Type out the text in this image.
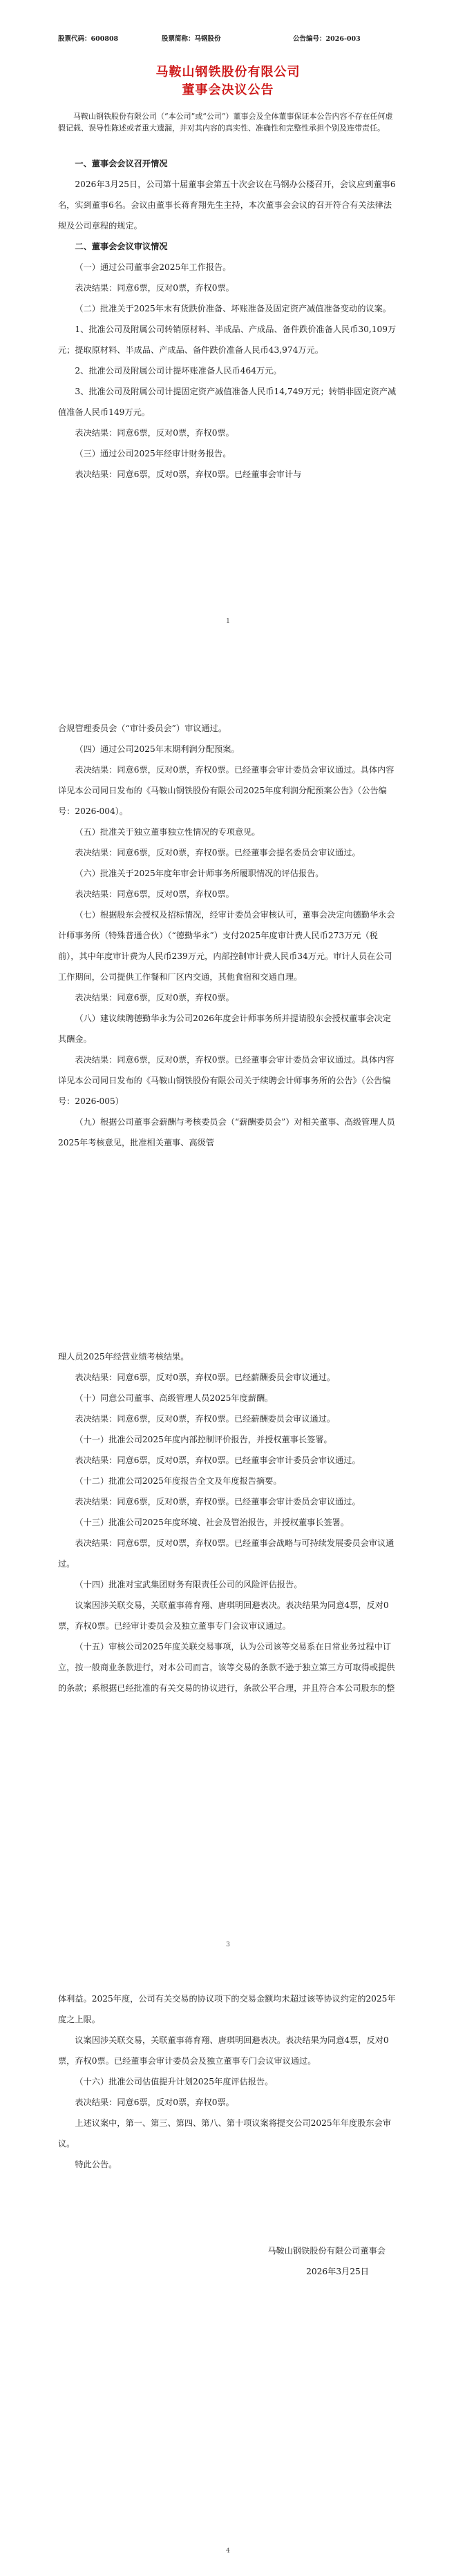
股票代码：600808	股票简称：马钢股份	公告编号：2026-003
马鞍山钢铁股份有限公司
董事会决议公告

马鞍山钢铁股份有限公司（“本公司”或“公司”）董事会及全体董事保证本公告内容不存在任何虚假记载、误导性陈述或者重大遗漏，并对其内容的真实性、准确性和完整性承担个别及连带责任。

一、董事会会议召开情况

2026年3月25日，公司第十届董事会第五十次会议在马钢办公楼召开，会议应到董事6名，实到董事6名。会议由董事长蒋育翔先生主持，本次董事会会议的召开符合有关法律法规及公司章程的规定。

二、董事会会议审议情况

（一）通过公司董事会2025年工作报告。

表决结果：同意6票，反对0票，弃权0票。

（二）批准关于2025年末有货跌价准备、坏账准备及固定资产减值准备变动的议案。

1、批准公司及附属公司转销原材料、半成品、产成品、备件跌价准备人民币30,109万元；提取原材料、半成品、产成品、备件跌价准备人民币43,974万元。

2、批准公司及附属公司计提坏账准备人民币464万元。

3、批准公司及附属公司计提固定资产减值准备人民币14,749万元；转销非固定资产减值准备人民币149万元。

表决结果：同意6票，反对0票，弃权0票。

（三）通过公司2025年经审计财务报告。

表决结果：同意6票，反对0票，弃权0票。已经董事会审计与

1

合规管理委员会（“审计委员会”）审议通过。

（四）通过公司2025年末期利润分配预案。

表决结果：同意6票，反对0票，弃权0票。已经董事会审计委员会审议通过。具体内容详见本公司同日发布的《马鞍山钢铁股份有限公司2025年度利润分配预案公告》（公告编号：2026-004）。

（五）批准关于独立董事独立性情况的专项意见。

表决结果：同意6票，反对0票，弃权0票。已经董事会提名委员会审议通过。

（六）批准关于2025年度年审会计师事务所履职情况的评估报告。

表决结果：同意6票，反对0票，弃权0票。

（七）根据股东会授权及招标情况，经审计委员会审核认可，董事会决定向德勤华永会计师事务所（特殊普通合伙）（“德勤华永”）支付2025年度审计费人民币273万元（税前），其中年度审计费为人民币239万元，内部控制审计费人民币34万元。审计人员在公司工作期间，公司提供工作餐和厂区内交通，其他食宿和交通自理。

表决结果：同意6票，反对0票，弃权0票。

（八）建议续聘德勤华永为公司2026年度会计师事务所并提请股东会授权董事会决定其酬金。

表决结果：同意6票，反对0票，弃权0票。已经董事会审计委员会审议通过。具体内容详见本公司同日发布的《马鞍山钢铁股份有限公司关于续聘会计师事务所的公告》（公告编号：2026-005）

（九）根据公司董事会薪酬与考核委员会（“薪酬委员会”）对相关董事、高级管理人员2025年考核意见，批准相关董事、高级管

理人员2025年经营业绩考核结果。

表决结果：同意6票，反对0票，弃权0票。已经薪酬委员会审议通过。

（十）同意公司董事、高级管理人员2025年度薪酬。

表决结果：同意6票，反对0票，弃权0票。已经薪酬委员会审议通过。

（十一）批准公司2025年度内部控制评价报告，并授权董事长签署。

表决结果：同意6票，反对0票，弃权0票。已经董事会审计委员会审议通过。

（十二）批准公司2025年度报告全文及年度报告摘要。

表决结果：同意6票，反对0票，弃权0票。已经董事会审计委员会审议通过。

（十三）批准公司2025年度环境、社会及管治报告，并授权董事长签署。

表决结果：同意6票，反对0票，弃权0票。已经董事会战略与可持续发展委员会审议通过。

（十四）批准对宝武集团财务有限责任公司的风险评估报告。

议案因涉关联交易，关联董事蒋育翔、唐琪明回避表决。表决结果为同意4票，反对0票，弃权0票。已经审计委员会及独立董事专门会议审议通过。

（十五）审核公司2025年度关联交易事项，认为公司该等交易系在日常业务过程中订立，按一般商业条款进行，对本公司而言，该等交易的条款不逊于独立第三方可取得或提供的条款；系根据已经批准的有关交易的协议进行，条款公平合理，并且符合本公司股东的整

3

体利益。2025年度，公司有关交易的协议项下的交易金额均未超过该等协议约定的2025年度之上限。

议案因涉关联交易，关联董事蒋育翔、唐琪明回避表决。表决结果为同意4票，反对0票，弃权0票。已经董事会审计委员会及独立董事专门会议审议通过。

（十六）批准公司估值提升计划2025年度评估报告。

表决结果：同意6票，反对0票，弃权0票。

上述议案中，第一、第三、第四、第八、第十项议案将提交公司2025年年度股东会审议。

特此公告。

马鞍山钢铁股份有限公司董事会

2026年3月25日

4
